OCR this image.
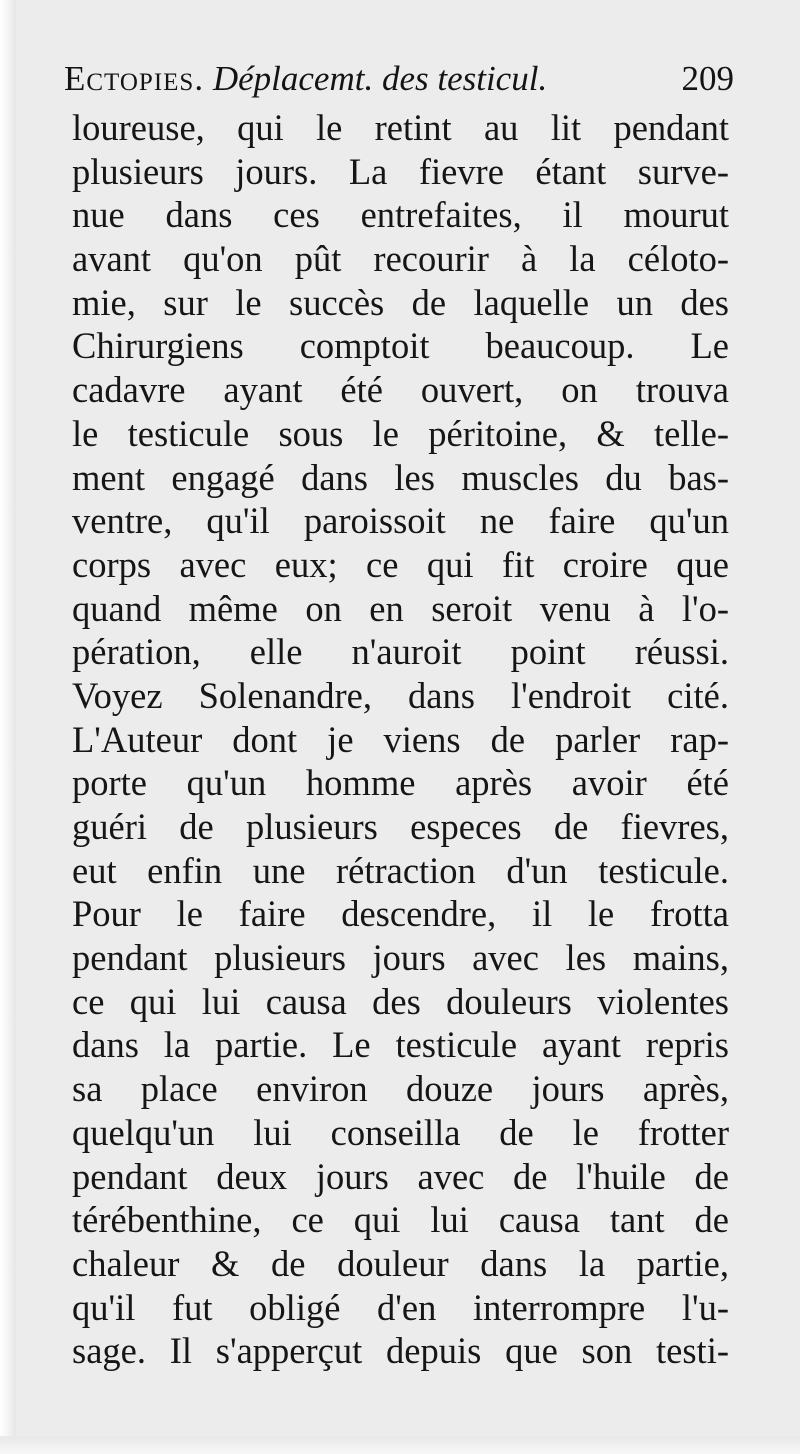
Ectopies. Déplacemt. des testicul.	209
loureuse, qui le retint au lit pendant
plusieurs jours. La fievre étant surve-
nue dans ces entrefaites, il mourut
avant qu'on pût recourir à la céloto-
mie, sur le succès de laquelle un des
Chirurgiens comptoit beaucoup. Le
cadavre ayant été ouvert, on trouva
le testicule sous le péritoine, & telle-
ment engagé dans les muscles du bas-
ventre, qu'il paroissoit ne faire qu'un
corps avec eux; ce qui fit croire que
quand même on en seroit venu à l'o-
pération, elle n'auroit point réussi.
Voyez Solenandre, dans l'endroit cité.
L'Auteur dont je viens de parler rap-
porte qu'un homme après avoir été
guéri de plusieurs especes de fievres,
eut enfin une rétraction d'un testicule.
Pour le faire descendre, il le frotta
pendant plusieurs jours avec les mains,
ce qui lui causa des douleurs violentes
dans la partie. Le testicule ayant repris
sa place environ douze jours après,
quelqu'un lui conseilla de le frotter
pendant deux jours avec de l'huile de
térébenthine, ce qui lui causa tant de
chaleur & de douleur dans la partie,
qu'il fut obligé d'en interrompre l'u-
sage. Il s'apperçut depuis que son testi-
